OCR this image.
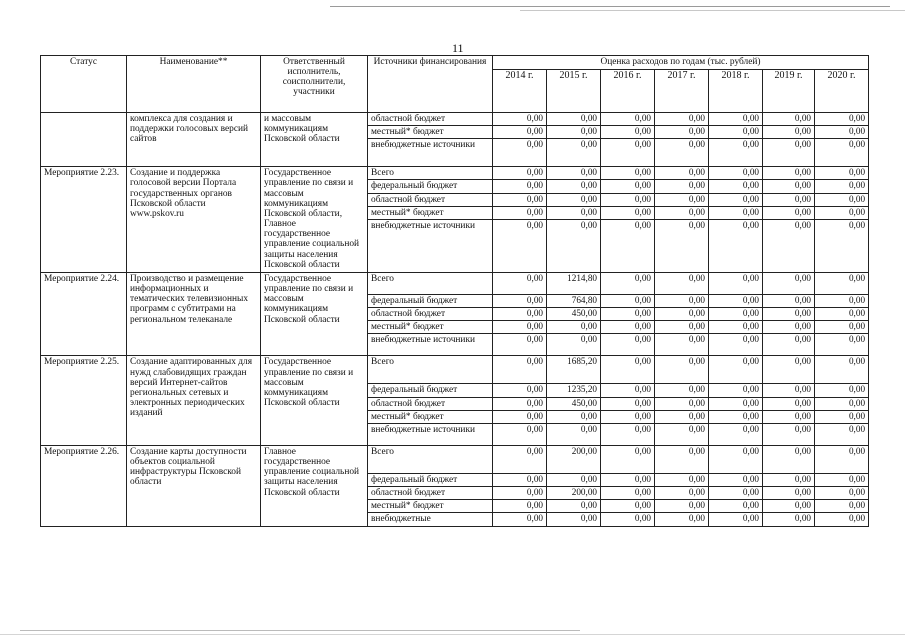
11
Статус	Наименование**	Ответственный исполнитель, соисполнители, участники	Источники финансирования	Оценка расходов по годам (тыс. рублей)						
				2014 г.	2015 г.	2016 г.	2017 г.	2018 г.	2019 г.	2020 г.
	комплекса для создания и поддержки голосовых версий сайтов	и массовым коммуникациям Псковской области	областной бюджет	0,00	0,00	0,00	0,00	0,00	0,00	0,00
			местный* бюджет	0,00	0,00	0,00	0,00	0,00	0,00	0,00
			внебюджетные источники	0,00	0,00	0,00	0,00	0,00	0,00	0,00
Мероприятие 2.23.	Создание и поддержка голосовой версии Портала государственных органов Псковской области www.pskov.ru	Государственное управление по связи и массовым коммуникациям Псковской области, Главное государственное управление социальной защиты населения Псковской области	Всего	0,00	0,00	0,00	0,00	0,00	0,00	0,00
			федеральный бюджет	0,00	0,00	0,00	0,00	0,00	0,00	0,00
			областной бюджет	0,00	0,00	0,00	0,00	0,00	0,00	0,00
			местный* бюджет	0,00	0,00	0,00	0,00	0,00	0,00	0,00
			внебюджетные источники	0,00	0,00	0,00	0,00	0,00	0,00	0,00
Мероприятие 2.24.	Производство и размещение информационных и тематических телевизионных программ с субтитрами на региональном телеканале	Государственное управление по связи и массовым коммуникациям Псковской области	Всего	0,00	1214,80	0,00	0,00	0,00	0,00	0,00
			федеральный бюджет	0,00	764,80	0,00	0,00	0,00	0,00	0,00
			областной бюджет	0,00	450,00	0,00	0,00	0,00	0,00	0,00
			местный* бюджет	0,00	0,00	0,00	0,00	0,00	0,00	0,00
			внебюджетные источники	0,00	0,00	0,00	0,00	0,00	0,00	0,00
Мероприятие 2.25.	Создание адаптированных для нужд слабовидящих граждан версий Интернет-сайтов региональных сетевых и электронных периодических изданий	Государственное управление по связи и массовым коммуникациям Псковской области	Всего	0,00	1685,20	0,00	0,00	0,00	0,00	0,00
			федеральный бюджет	0,00	1235,20	0,00	0,00	0,00	0,00	0,00
			областной бюджет	0,00	450,00	0,00	0,00	0,00	0,00	0,00
			местный* бюджет	0,00	0,00	0,00	0,00	0,00	0,00	0,00
			внебюджетные источники	0,00	0,00	0,00	0,00	0,00	0,00	0,00
Мероприятие 2.26.	Создание карты доступности объектов социальной инфраструктуры Псковской области	Главное государственное управление социальной защиты населения Псковской области	Всего	0,00	200,00	0,00	0,00	0,00	0,00	0,00
			федеральный бюджет	0,00	0,00	0,00	0,00	0,00	0,00	0,00
			областной бюджет	0,00	200,00	0,00	0,00	0,00	0,00	0,00
			местный* бюджет	0,00	0,00	0,00	0,00	0,00	0,00	0,00
			внебюджетные	0,00	0,00	0,00	0,00	0,00	0,00	0,00
